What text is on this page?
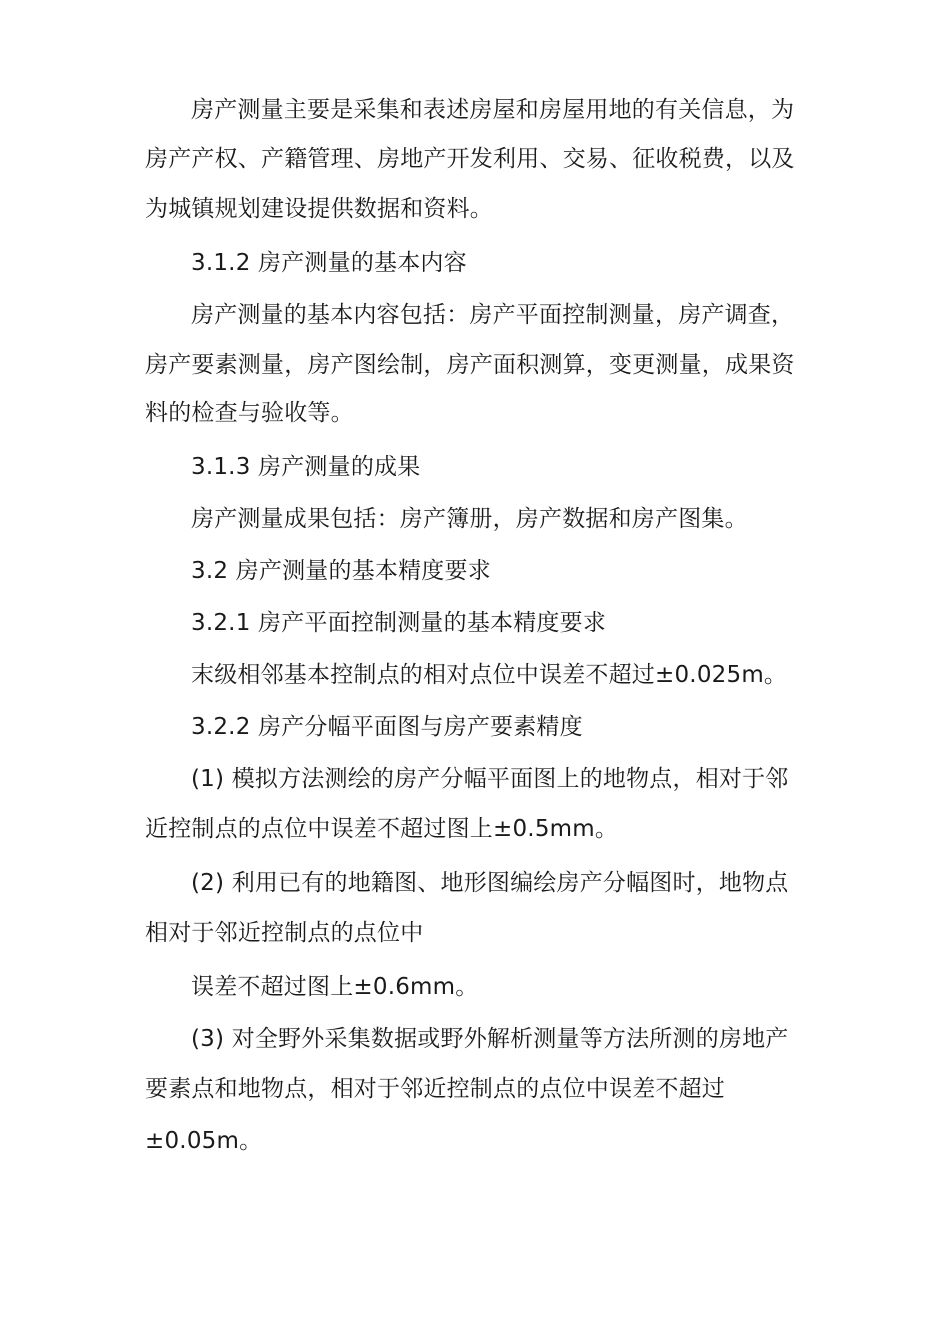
房产测量主要是采集和表述房屋和房屋用地的有关信息，为
房产产权、产籍管理、房地产开发利用、交易、征收税费，以及
为城镇规划建设提供数据和资料。
3.1.2 房产测量的基本内容
房产测量的基本内容包括：房产平面控制测量，房产调查，
房产要素测量，房产图绘制，房产面积测算，变更测量，成果资
料的检查与验收等。
3.1.3 房产测量的成果
房产测量成果包括：房产簿册，房产数据和房产图集。
3.2 房产测量的基本精度要求
3.2.1 房产平面控制测量的基本精度要求
末级相邻基本控制点的相对点位中误差不超过±0.025m。
3.2.2 房产分幅平面图与房产要素精度
(1) 模拟方法测绘的房产分幅平面图上的地物点，相对于邻
近控制点的点位中误差不超过图上±0.5mm。
(2) 利用已有的地籍图、地形图编绘房产分幅图时，地物点
相对于邻近控制点的点位中
误差不超过图上±0.6mm。
(3) 对全野外采集数据或野外解析测量等方法所测的房地产
要素点和地物点，相对于邻近控制点的点位中误差不超过
±0.05m。
